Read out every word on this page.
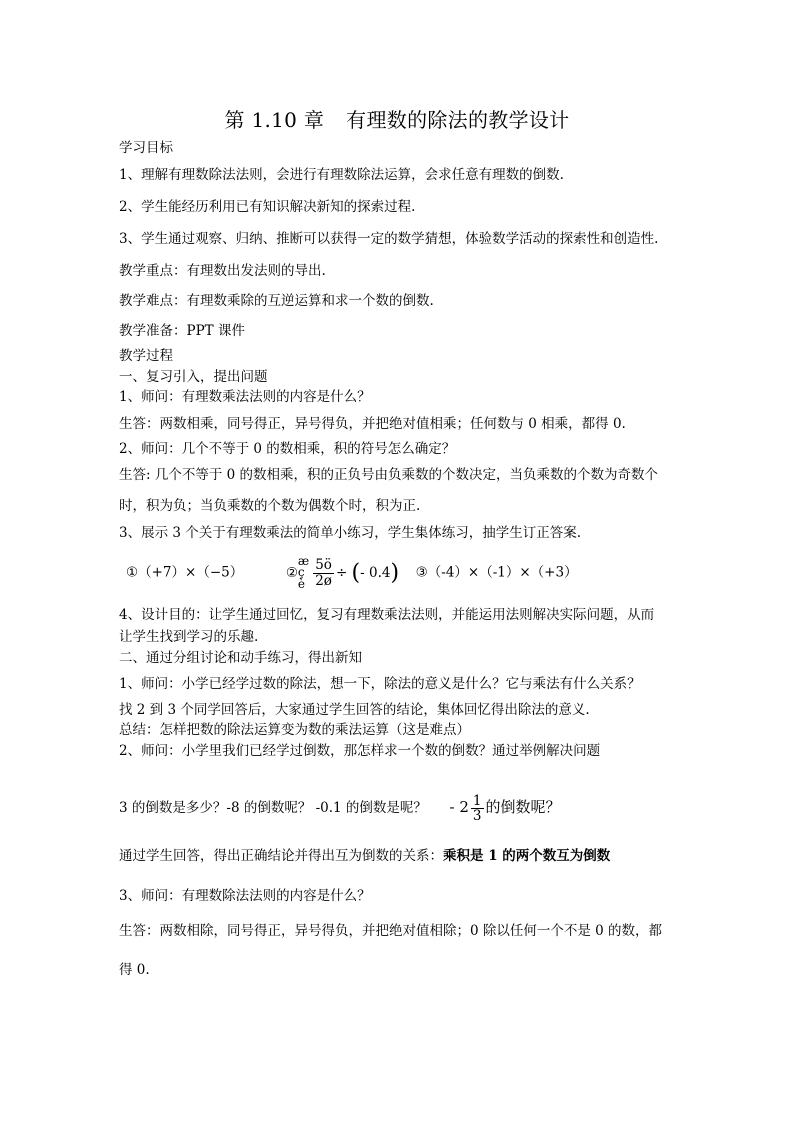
第 1.10 章 有理数的除法的教学设计
学习目标
1、理解有理数除法法则，会进行有理数除法运算，会求任意有理数的倒数.
2、学生能经历利用已有知识解决新知的探索过程.
3、学生通过观察、归纳、推断可以获得一定的数学猜想，体验数学活动的探索性和创造性.
教学重点：有理数出发法则的导出.
教学难点：有理数乘除的互逆运算和求一个数的倒数.
教学准备：PPT 课件
教学过程
一、复习引入，提出问题
1、师问：有理数乘法法则的内容是什么？
生答：两数相乘，同号得正，异号得负，并把绝对值相乘；任何数与 0 相乘，都得 0.
2、师问：几个不等于 0 的数相乘，积的符号怎么确定？
生答: 几个不等于 0 的数相乘，积的正负号由负乘数的个数决定，当负乘数的个数为奇数个
时，积为负；当负乘数的个数为偶数个时，积为正.
3、展示 3 个关于有理数乘法的简单小练习，学生集体练习，抽学生订正答案.
①（+7）×（−5）	②
æ
ç
è $\frac{5ö}{2ø}$ ÷ (- 0.4) ③（-4）×（-1）×（+3）
4、设计目的：让学生通过回忆，复习有理数乘法法则，并能运用法则解决实际问题，从而
让学生找到学习的乐趣.
二、通过分组讨论和动手练习，得出新知
1、师问：小学已经学过数的除法，想一下，除法的意义是什么？它与乘法有什么关系？
找 2 到 3 个同学回答后，大家通过学生回答的结论，集体回忆得出除法的意义.
总结：怎样把数的除法运算变为数的乘法运算（这是难点）
2、师问：小学里我们已经学过倒数，那怎样求一个数的倒数？通过举例解决问题
3 的倒数是多少？-8 的倒数呢？ -0.1 的倒数是呢？ - $2 \frac{1}{3}$ 的倒数呢？
通过学生回答，得出正确结论并得出互为倒数的关系：乘积是 1 的两个数互为倒数
3、师问：有理数除法法则的内容是什么？
生答：两数相除，同号得正，异号得负，并把绝对值相除；0 除以任何一个不是 0 的数，都
得 0.
